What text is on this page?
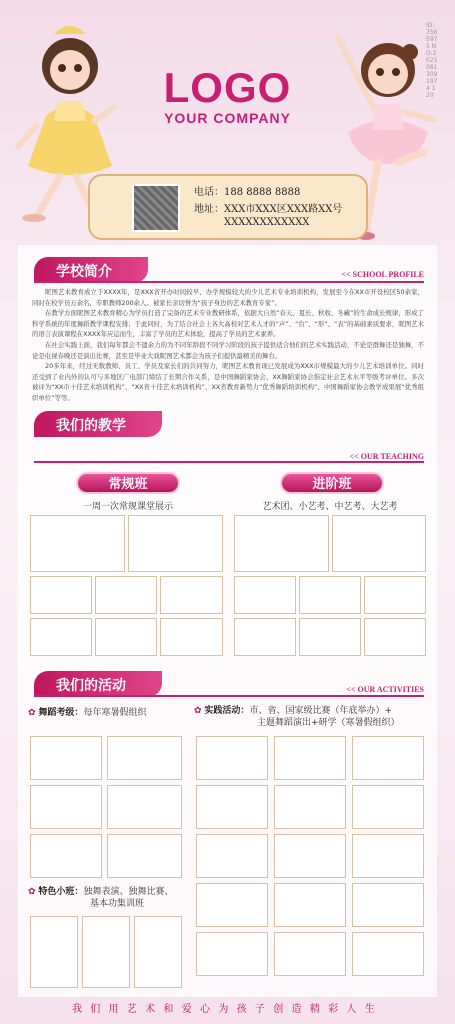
ID:7565975 NO:20250813091974 120
LOGO
YOUR COMPANY
电话：188 8888 8888
地址：XXX市XXX区XXX路XX号
XXXXXXXXXXXX
学校简介	<< SCHOOL PROFILE

昵图艺术教育成立于XXXX年，是XXX省开办时间较早、办学规模较大的少儿艺术专业培训机构，发展至今在XX市开设校区50余家，同时在校学员万余名，专职教师200余人。被家长亲切誉为“孩子身边的艺术教育专家”。

在教学方面昵图艺术教育精心为学员打造了完备的艺术专业教研体系，依据大自然“春天、夏长、秋收、冬藏”的生命成长规律，形成了科学系统的年度舞蹈教学课程安排；于此同时，为了结合社会上各大高校对艺术人才的“声”、“台”、“形”、“表”的基础素质要求，昵图艺术的语言表演课程在XXXX年应运而生，丰富了学员的艺术体验，提高了学员的艺术素养。

在社会实践上面，我们每年都会不遗余力的为不同年龄段不同学习阶段的孩子提供适合他们的艺术实践活动，不论是群舞还是独舞，不论是电视春晚还是演出比赛，甚至是毕业大戏昵图艺术都会为孩子们提供最精美的舞台。

20多年来，经过无数教师、员工、学员及家长们的共同努力，昵图艺术教育现已发展成为XXX市规模最大的少儿艺术培训单位。同时还受到了业内外的认可与多地区广电部门缔结了长期合作关系，是中国舞蹈家协会、XX舞蹈家协会指定社会艺术水平等级考评单位。多次被评为“XX市十佳艺术培训机构”、“XX省十佳艺术培训机构”、XX省教育新势力“优秀舞蹈培训机构”、中国舞蹈家协会教学成果展“优秀组织单位”等等。

我们的教学
<< OUR TEACHING
常规班	进阶班
一周一次常规课堂展示	艺术团、小艺考、中艺考、大艺考
我们的活动	<< OUR ACTIVITIES
✿ 舞蹈考级：每年寒暑假组织	✿ 实践活动：市、省、国家级比赛（年底举办）+
主题舞蹈演出+研学（寒暑假组织）
✿ 特色小班：独舞表演、独舞比赛、
基本功集训班
我们用艺术和爱心为孩子创造精彩人生
